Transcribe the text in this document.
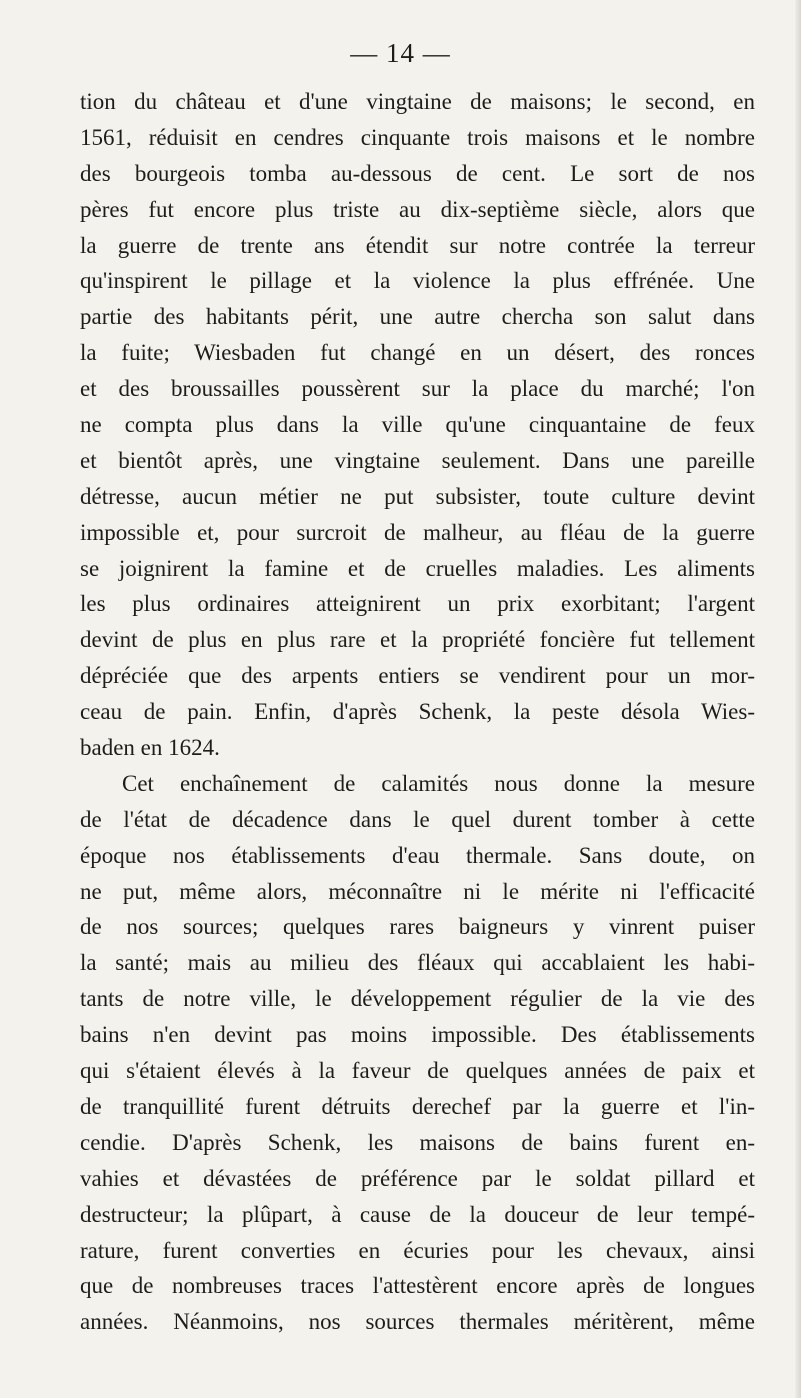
— 14 —
tion du château et d'une vingtaine de maisons; le second, en
1561, réduisit en cendres cinquante trois maisons et le nombre
des bourgeois tomba au-dessous de cent. Le sort de nos
pères fut encore plus triste au dix-septième siècle, alors que
la guerre de trente ans étendit sur notre contrée la terreur
qu'inspirent le pillage et la violence la plus effrénée. Une
partie des habitants périt, une autre chercha son salut dans
la fuite; Wiesbaden fut changé en un désert, des ronces
et des broussailles poussèrent sur la place du marché; l'on
ne compta plus dans la ville qu'une cinquantaine de feux
et bientôt après, une vingtaine seulement. Dans une pareille
détresse, aucun métier ne put subsister, toute culture devint
impossible et, pour surcroit de malheur, au fléau de la guerre
se joignirent la famine et de cruelles maladies. Les aliments
les plus ordinaires atteignirent un prix exorbitant; l'argent
devint de plus en plus rare et la propriété foncière fut tellement
dépréciée que des arpents entiers se vendirent pour un mor-
ceau de pain. Enfin, d'après Schenk, la peste désola Wies-
baden en 1624.
Cet enchaînement de calamités nous donne la mesure
de l'état de décadence dans le quel durent tomber à cette
époque nos établissements d'eau thermale. Sans doute, on
ne put, même alors, méconnaître ni le mérite ni l'efficacité
de nos sources; quelques rares baigneurs y vinrent puiser
la santé; mais au milieu des fléaux qui accablaient les habi-
tants de notre ville, le développement régulier de la vie des
bains n'en devint pas moins impossible. Des établissements
qui s'étaient élevés à la faveur de quelques années de paix et
de tranquillité furent détruits derechef par la guerre et l'in-
cendie. D'après Schenk, les maisons de bains furent en-
vahies et dévastées de préférence par le soldat pillard et
destructeur; la plûpart, à cause de la douceur de leur tempé-
rature, furent converties en écuries pour les chevaux, ainsi
que de nombreuses traces l'attestèrent encore après de longues
années. Néanmoins, nos sources thermales méritèrent, même
